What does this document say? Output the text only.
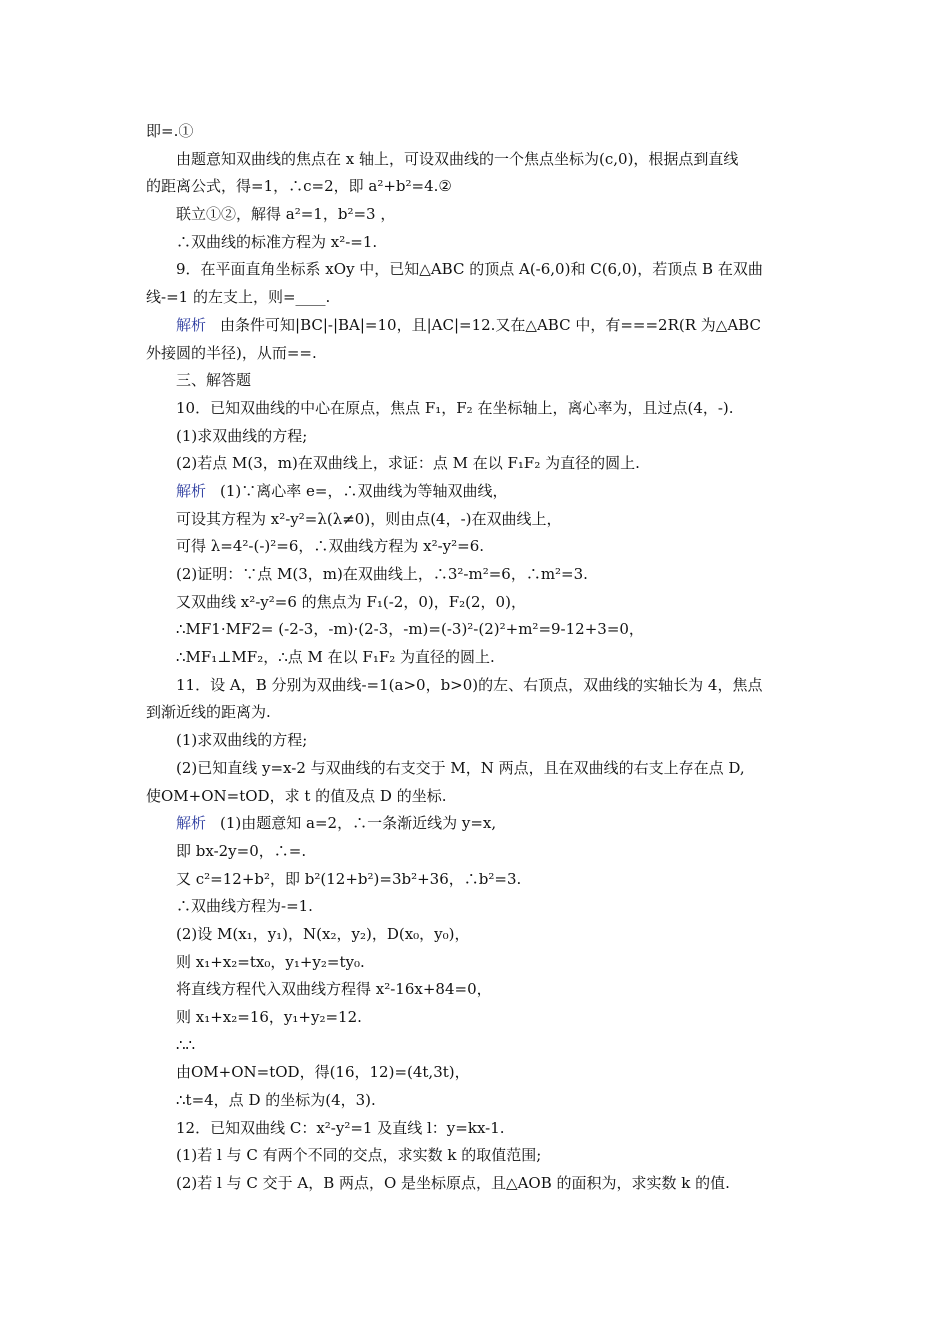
即=.①
由题意知双曲线的焦点在 x 轴上，可设双曲线的一个焦点坐标为(c,0)，根据点到直线
的距离公式，得=1，∴c=2，即 a²+b²=4.②
联立①②，解得 a²=1，b²=3 ，
∴双曲线的标准方程为 x²-=1.
9．在平面直角坐标系 xOy 中，已知△ABC 的顶点 A(-6,0)和 C(6,0)，若顶点 B 在双曲
线-=1 的左支上，则=____.
解析 由条件可知|BC|-|BA|=10，且|AC|=12.又在△ABC 中，有===2R(R 为△ABC
外接圆的半径)，从而==.
三、解答题
10．已知双曲线的中心在原点，焦点 F₁，F₂ 在坐标轴上，离心率为，且过点(4，-).
(1)求双曲线的方程;
(2)若点 M(3，m)在双曲线上，求证：点 M 在以 F₁F₂ 为直径的圆上.
解析 (1)∵离心率 e=，∴双曲线为等轴双曲线，
可设其方程为 x²-y²=λ(λ≠0)，则由点(4，-)在双曲线上，
可得 λ=4²-(-)²=6，∴双曲线方程为 x²-y²=6.
(2)证明：∵点 M(3，m)在双曲线上，∴3²-m²=6，∴m²=3.
又双曲线 x²-y²=6 的焦点为 F₁(-2，0)，F₂(2，0)，
∴MF1·MF2= (-2-3，-m)·(2-3，-m)=(-3)²-(2)²+m²=9-12+3=0，
∴MF₁⊥MF₂，∴点 M 在以 F₁F₂ 为直径的圆上.
11．设 A，B 分别为双曲线-=1(a>0，b>0)的左、右顶点，双曲线的实轴长为 4，焦点
到渐近线的距离为.
(1)求双曲线的方程;
(2)已知直线 y=x-2 与双曲线的右支交于 M，N 两点，且在双曲线的右支上存在点 D,
使OM+ON=tOD，求 t 的值及点 D 的坐标.
解析 (1)由题意知 a=2，∴一条渐近线为 y=x,
即 bx-2y=0，∴=.
又 c²=12+b²，即 b²(12+b²)=3b²+36，∴b²=3.
∴双曲线方程为-=1.
(2)设 M(x₁，y₁)，N(x₂，y₂)，D(x₀，y₀)，
则 x₁+x₂=tx₀，y₁+y₂=ty₀.
将直线方程代入双曲线方程得 x²-16x+84=0，
则 x₁+x₂=16，y₁+y₂=12.
∴∴
由OM+ON=tOD，得(16，12)=(4t,3t)，
∴t=4，点 D 的坐标为(4，3).
12．已知双曲线 C：x²-y²=1 及直线 l：y=kx-1.
(1)若 l 与 C 有两个不同的交点，求实数 k 的取值范围;
(2)若 l 与 C 交于 A，B 两点，O 是坐标原点，且△AOB 的面积为，求实数 k 的值.
